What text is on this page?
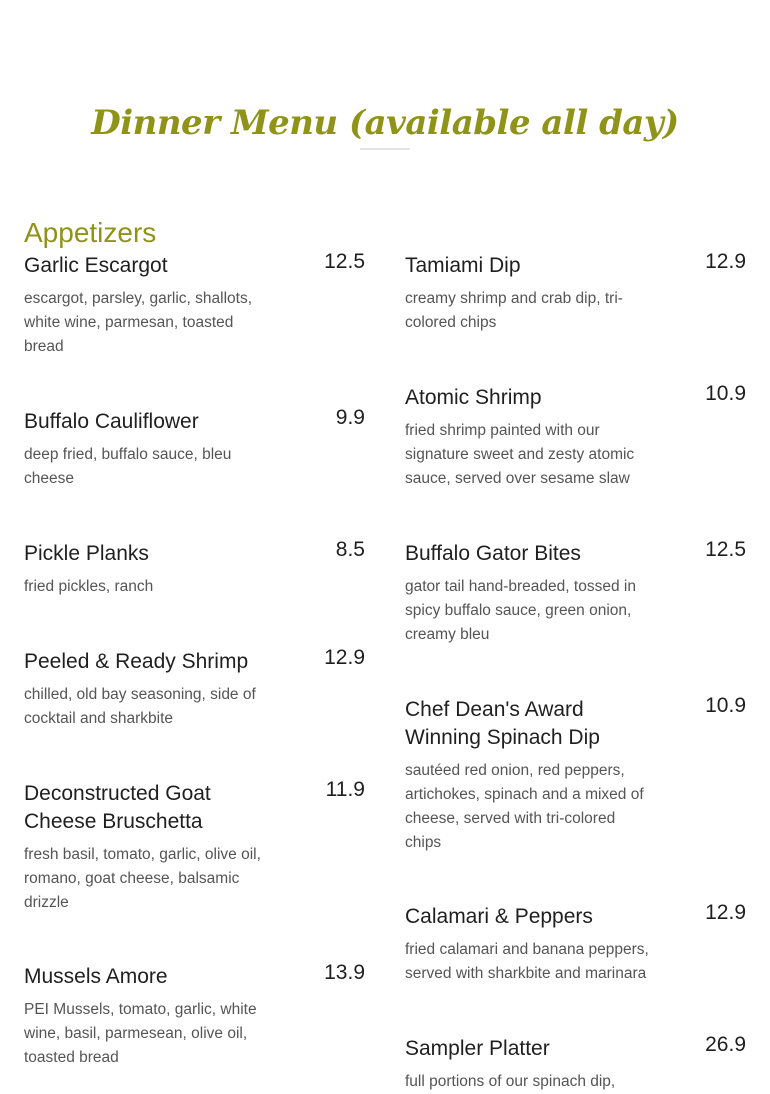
Dinner Menu (available all day)
Appetizers
Garlic Escargot	12.5
escargot, parsley, garlic, shallots, white wine, parmesan, toasted bread
Buffalo Cauliflower	9.9
deep fried, buffalo sauce, bleu cheese
Pickle Planks	8.5
fried pickles, ranch
Peeled & Ready Shrimp	12.9
chilled, old bay seasoning, side of cocktail and sharkbite
Deconstructed Goat Cheese Bruschetta
11.9
fresh basil, tomato, garlic, olive oil, romano, goat cheese, balsamic drizzle
Mussels Amore	13.9
PEI Mussels, tomato, garlic, white wine, basil, parmesean, olive oil, toasted bread
Tamiami Dip	12.9
creamy shrimp and crab dip, tri-colored chips
Atomic Shrimp	10.9
fried shrimp painted with our signature sweet and zesty atomic sauce, served over sesame slaw
Buffalo Gator Bites	12.5
gator tail hand-breaded, tossed in spicy buffalo sauce, green onion, creamy bleu
Chef Dean's Award Winning Spinach Dip
10.9
sautéed red onion, red peppers, artichokes, spinach and a mixed of cheese, served with tri-colored chips
Calamari & Peppers	12.9
fried calamari and banana peppers, served with sharkbite and marinara
Sampler Platter	26.9
full portions of our spinach dip,
